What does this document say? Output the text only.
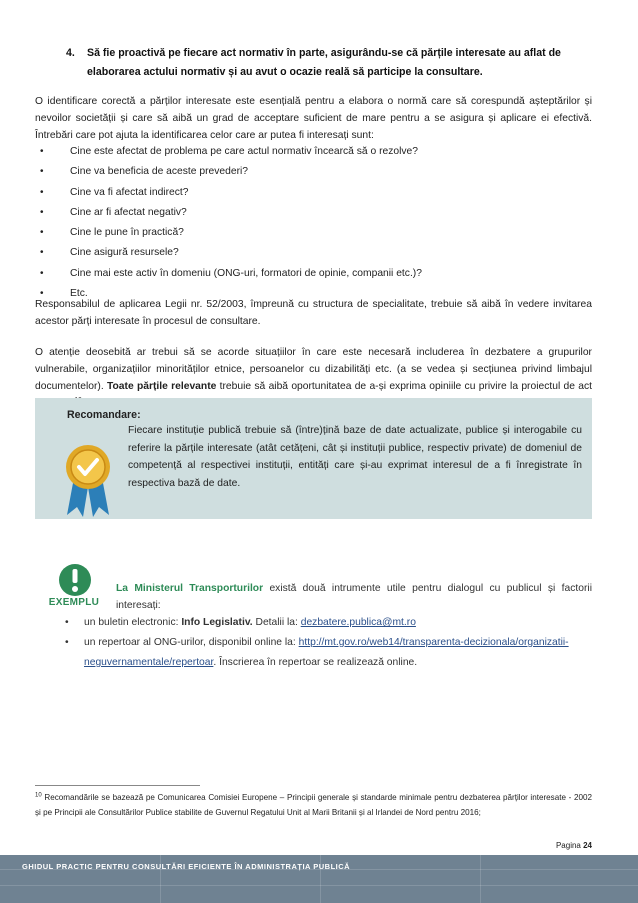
4.	Să fie proactivă pe fiecare act normativ în parte, asigurându-se că părțile interesate au aflat de
elaborarea actului normativ și au avut o ocazie reală să participe la consultare.
O identificare corectă a părților interesate este esențială pentru a elabora o normă care să corespundă așteptărilor și nevoilor societății și care să aibă un grad de acceptare suficient de mare pentru a se asigura și aplicare ei efectivă. Întrebări care pot ajuta la identificarea celor care ar putea fi interesați sunt:
•	Cine este afectat de problema pe care actul normativ încearcă să o rezolve?
•	Cine va beneficia de aceste prevederi?
•	Cine va fi afectat indirect?
•	Cine ar fi afectat negativ?
•	Cine le pune în practică?
•	Cine asigură resursele?
•	Cine mai este activ în domeniu (ONG-uri, formatori de opinie, companii etc.)?
•	Etc.
Responsabilul de aplicarea Legii nr. 52/2003, împreună cu structura de specialitate, trebuie să aibă în vedere invitarea acestor părți interesate în procesul de consultare.
O atenție deosebită ar trebui să se acorde situațiilor în care este necesară includerea în dezbatere a grupurilor vulnerabile, organizațiilor minorităților etnice, persoanelor cu dizabilități etc. (a se vedea și secțiunea privind limbajul documentelor). Toate părțile relevante trebuie să aibă oportunitatea de a-și exprima opiniile cu privire la proiectul de act
Recomandare:
Fiecare instituție publică trebuie să (între)țină baze de date actualizate, publice și interogabile cu referire la părțile interesate (atât cetățeni, cât și instituții publice, respectiv private) de domeniul de competență al respectivei instituții, entități care și-au exprimat interesul de a fi înregistrate în respectiva bază de date.
EXEMPLU
La Ministerul Transporturilor există două intrumente utile pentru dialogul cu publicul și factorii interesați:
• un buletin electronic: Info Legislativ. Detalii la: dezbatere.publica@mt.ro
• un repertoar al ONG-urilor, disponibil online la: http://mt.gov.ro/web14/transparenta-decizionala/organizatii-neguvernamentale/repertoar. Înscrierea în repertoar se realizează online.
$^{10}$ Recomandările se bazează pe Comunicarea Comisiei Europene – Principii generale și standarde minimale pentru dezbaterea părților interesate - 2002 și pe Principii ale Consultărilor Publice stabilite de Guvernul Regatului Unit al Marii Britanii și al Irlandei de Nord pentru 2016;
Pagina 24
GHIDUL PRACTIC PENTRU CONSULTĂRI EFICIENTE ÎN ADMINISTRAȚIA PUBLICĂ
